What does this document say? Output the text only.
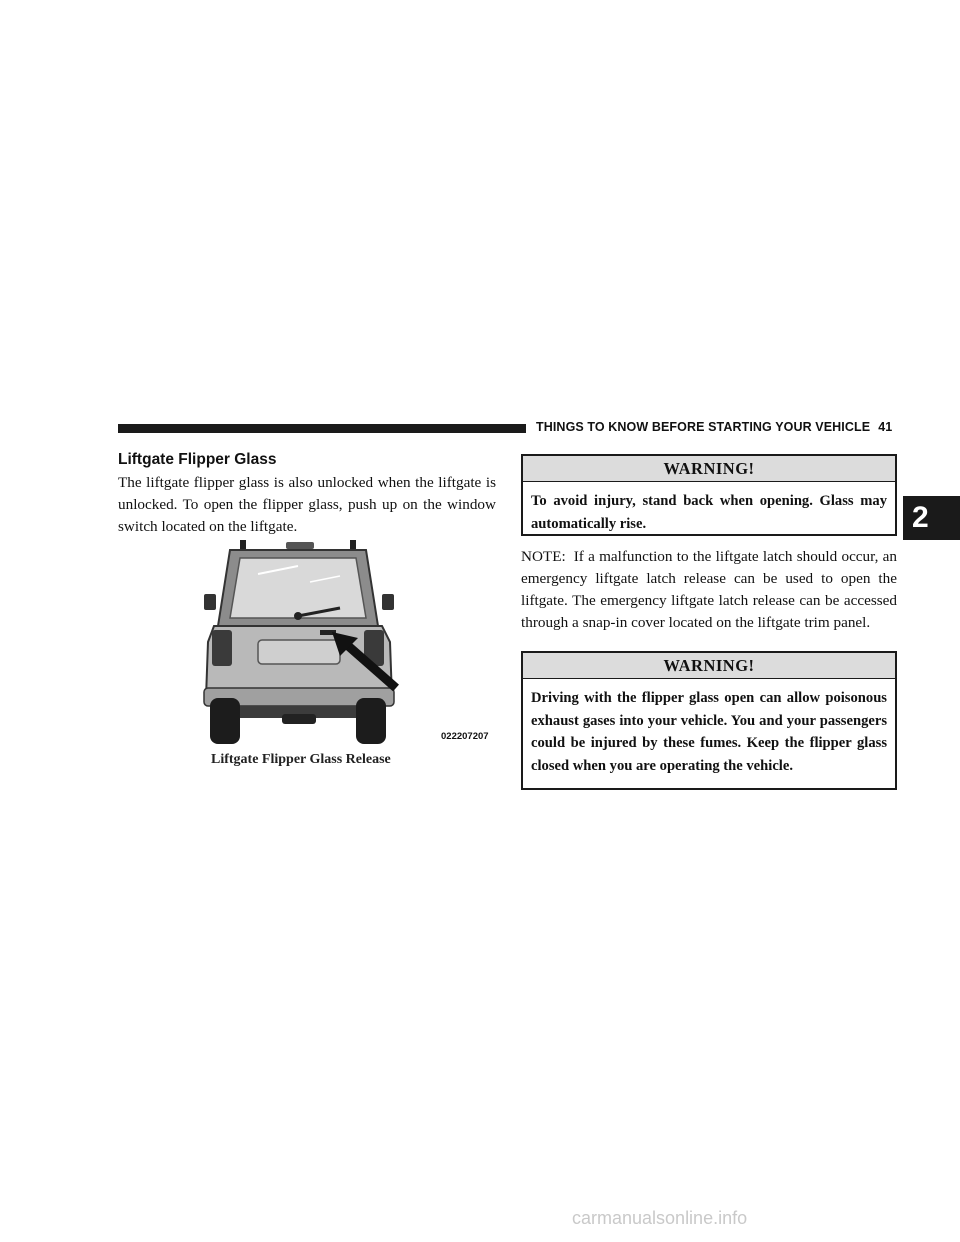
THINGS TO KNOW BEFORE STARTING YOUR VEHICLE 41
2
Liftgate Flipper Glass

The liftgate flipper glass is also unlocked when the liftgate is unlocked. To open the flipper glass, push up on the window switch located on the liftgate.

022207207
Liftgate Flipper Glass Release
WARNING!
To avoid injury, stand back when opening. Glass may automatically rise.

NOTE: If a malfunction to the liftgate latch should occur, an emergency liftgate latch release can be used to open the liftgate. The emergency liftgate latch release can be accessed through a snap-in cover located on the liftgate trim panel.

WARNING!
Driving with the flipper glass open can allow poisonous exhaust gases into your vehicle. You and your passengers could be injured by these fumes. Keep the flipper glass closed when you are operating the vehicle.
carmanualsonline.info
